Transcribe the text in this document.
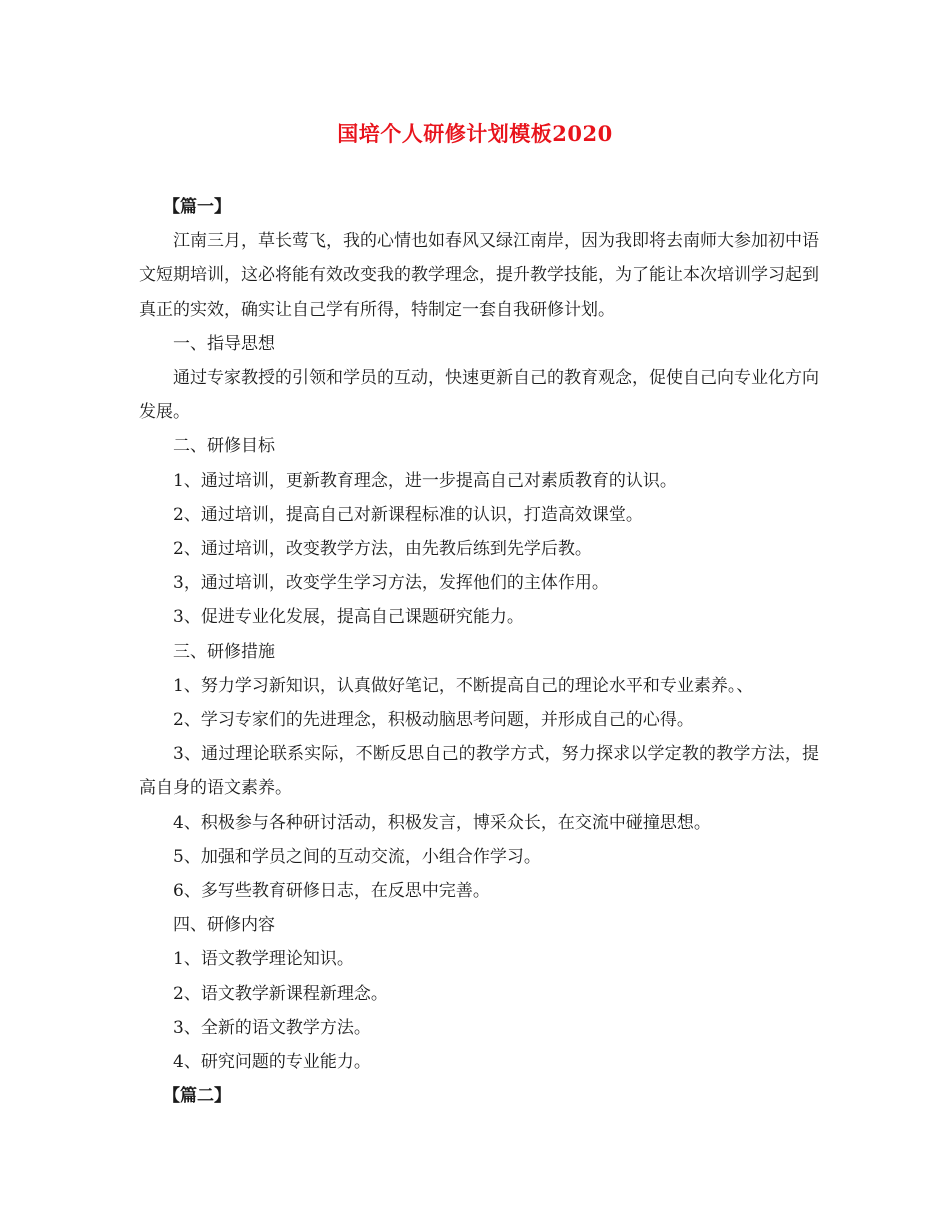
国培个人研修计划模板2020

【篇一】

江南三月，草长莺飞，我的心情也如春风又绿江南岸，因为我即将去南师大参加初中语文短期培训，这必将能有效改变我的教学理念，提升教学技能，为了能让本次培训学习起到真正的实效，确实让自己学有所得，特制定一套自我研修计划。

一、指导思想

通过专家教授的引领和学员的互动，快速更新自己的教育观念，促使自己向专业化方向发展。

二、研修目标

1、通过培训，更新教育理念，进一步提高自己对素质教育的认识。

2、通过培训，提高自己对新课程标准的认识，打造高效课堂。

2、通过培训，改变教学方法，由先教后练到先学后教。

3，通过培训，改变学生学习方法，发挥他们的主体作用。

3、促进专业化发展，提高自己课题研究能力。

三、研修措施

1、努力学习新知识，认真做好笔记，不断提高自己的理论水平和专业素养。、

2、学习专家们的先进理念，积极动脑思考问题，并形成自己的心得。

3、通过理论联系实际，不断反思自己的教学方式，努力探求以学定教的教学方法，提高自身的语文素养。

4、积极参与各种研讨活动，积极发言，博采众长，在交流中碰撞思想。

5、加强和学员之间的互动交流，小组合作学习。

6、多写些教育研修日志，在反思中完善。

四、研修内容

1、语文教学理论知识。

2、语文教学新课程新理念。

3、全新的语文教学方法。

4、研究问题的专业能力。

【篇二】
